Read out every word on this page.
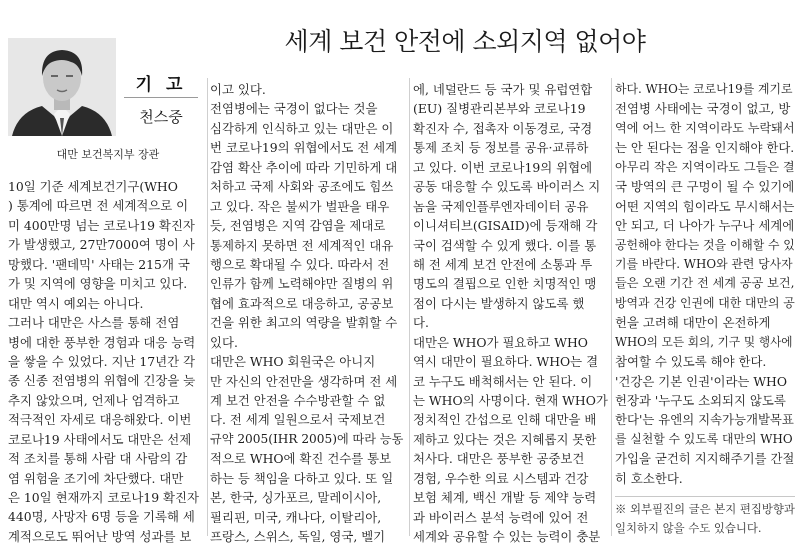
세계 보건 안전에 소외지역 없어야
기 고
천스중
대만 보건복지부 장관
10일 기준 세계보건기구(WHO
) 통계에 따르면 전 세계적으로 이
미 400만명 넘는 코로나19 확진자
가 발생했고, 27만7000여 명이 사
망했다. '팬데믹' 사태는 215개 국
가 및 지역에 영향을 미치고 있다.
대만 역시 예외는 아니다.
그러나 대만은 사스를 통해 전염
병에 대한 풍부한 경험과 대응 능력
을 쌓을 수 있었다. 지난 17년간 각
종 신종 전염병의 위협에 긴장을 늦
추지 않았으며, 언제나 엄격하고
적극적인 자세로 대응해왔다. 이번
코로나19 사태에서도 대만은 선제
적 조치를 통해 사람 대 사람의 감
염 위험을 조기에 차단했다. 대만
은 10일 현재까지 코로나19 확진자
440명, 사망자 6명 등을 기록해 세
계적으로도 뛰어난 방역 성과를 보
이고 있다.
전염병에는 국경이 없다는 것을
심각하게 인식하고 있는 대만은 이
번 코로나19의 위협에서도 전 세계
감염 확산 추이에 따라 기민하게 대
처하고 국제 사회와 공조에도 힘쓰
고 있다. 작은 불씨가 벌판을 태우
듯, 전염병은 지역 감염을 제대로
통제하지 못하면 전 세계적인 대유
행으로 확대될 수 있다. 따라서 전
인류가 함께 노력해야만 질병의 위
협에 효과적으로 대응하고, 공공보
건을 위한 최고의 역량을 발휘할 수
있다.
대만은 WHO 회원국은 아니지
만 자신의 안전만을 생각하며 전 세
계 보건 안전을 수수방관할 수 없
다. 전 세계 일원으로서 국제보건
규약 2005(IHR 2005)에 따라 능동
적으로 WHO에 확진 건수를 통보
하는 등 책임을 다하고 있다. 또 일
본, 한국, 싱가포르, 말레이시아,
필리핀, 미국, 캐나다, 이탈리아,
프랑스, 스위스, 독일, 영국, 벨기
에, 네덜란드 등 국가 및 유럽연합
(EU) 질병관리본부와 코로나19
확진자 수, 접촉자 이동경로, 국경
통제 조치 등 정보를 공유·교류하
고 있다. 이번 코로나19의 위협에
공동 대응할 수 있도록 바이러스 지
놈을 국제인플루엔자데이터 공유
이니셔티브(GISAID)에 등재해 각
국이 검색할 수 있게 했다. 이를 통
해 전 세계 보건 안전에 소통과 투
명도의 결핍으로 인한 치명적인 맹
점이 다시는 발생하지 않도록 했
다.
대만은 WHO가 필요하고 WHO
역시 대만이 필요하다. WHO는 결
코 누구도 배척해서는 안 된다. 이
는 WHO의 사명이다. 현재 WHO가
정치적인 간섭으로 인해 대만을 배
제하고 있다는 것은 지혜롭지 못한
처사다. 대만은 풍부한 공중보건
경험, 우수한 의료 시스템과 건강
보험 체계, 백신 개발 등 제약 능력
과 바이러스 분석 능력에 있어 전
세계와 공유할 수 있는 능력이 충분
하다. WHO는 코로나19를 계기로
전염병 사태에는 국경이 없고, 방
역에 어느 한 지역이라도 누락돼서
는 안 된다는 점을 인지해야 한다.
아무리 작은 지역이라도 그들은 결
국 방역의 큰 구멍이 될 수 있기에
어떤 지역의 힘이라도 무시해서는
안 되고, 더 나아가 누구나 세계에
공헌해야 한다는 것을 이해할 수 있
기를 바란다. WHO와 관련 당사자
들은 오랜 기간 전 세계 공공 보건,
방역과 건강 인권에 대한 대만의 공
헌을 고려해 대만이 온전하게
WHO의 모든 회의, 기구 및 행사에
참여할 수 있도록 해야 한다.
'건강은 기본 인권'이라는 WHO
헌장과 '누구도 소외되지 않도록
한다'는 유엔의 지속가능개발목표
를 실천할 수 있도록 대만의 WHO
가입을 굳건히 지지해주기를 간절
히 호소한다.
※ 외부필진의 글은 본지 편집방향과
일치하지 않을 수도 있습니다.
